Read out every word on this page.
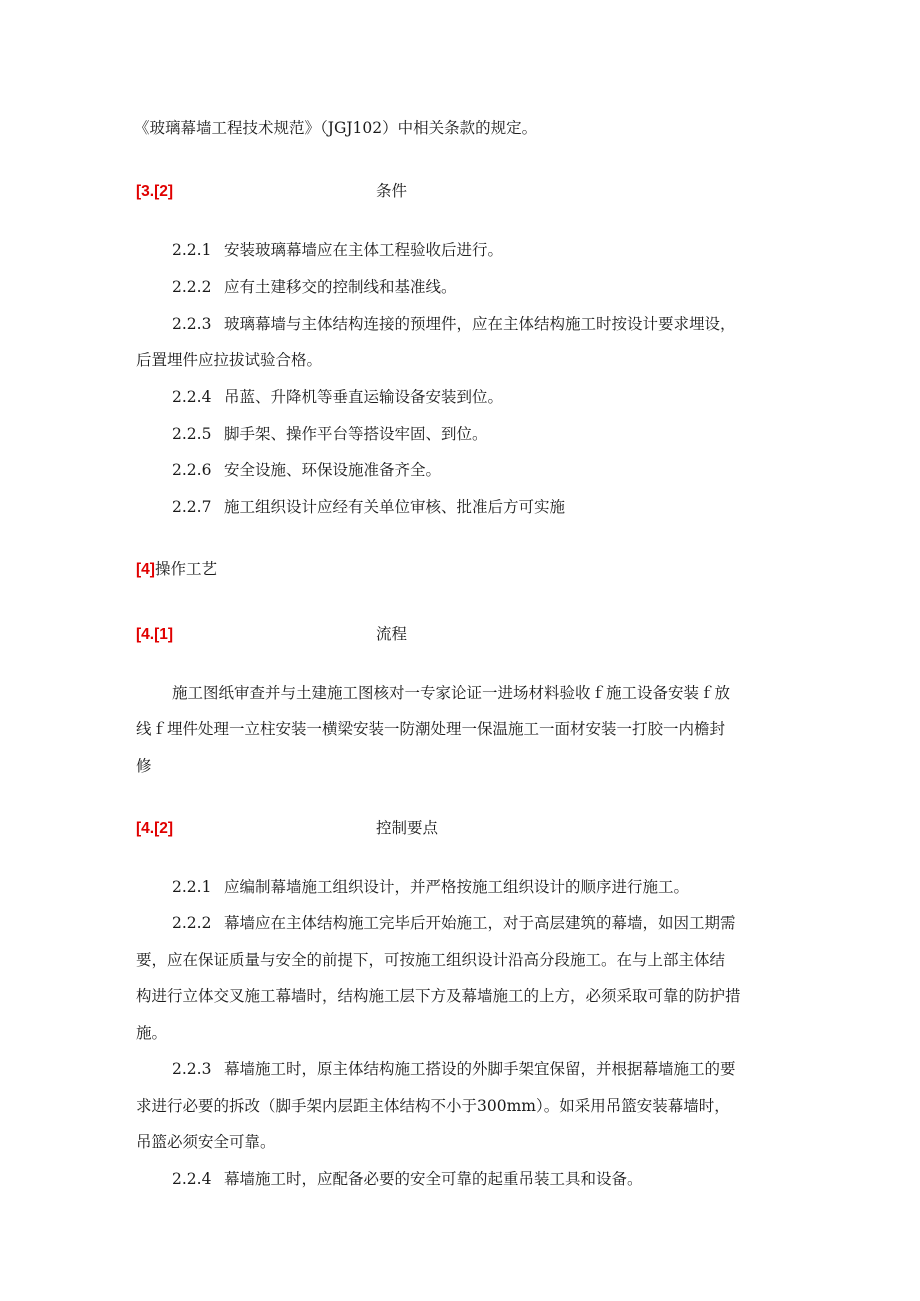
《玻璃幕墙工程技术规范》（JGJ102）中相关条款的规定。
[3.[2]	条件
2.2.1 安装玻璃幕墙应在主体工程验收后进行。
2.2.2 应有土建移交的控制线和基准线。
2.2.3 玻璃幕墙与主体结构连接的预埋件，应在主体结构施工时按设计要求埋设，
后置埋件应拉拔试验合格。
2.2.4 吊蓝、升降机等垂直运输设备安装到位。
2.2.5 脚手架、操作平台等搭设牢固、到位。
2.2.6 安全设施、环保设施准备齐全。
2.2.7 施工组织设计应经有关单位审核、批准后方可实施
[4]操作工艺
[4.[1]	流程
施工图纸审查并与土建施工图核对一专家论证一进场材料验收ｆ施工设备安装ｆ放
线ｆ埋件处理一立柱安装一横梁安装一防潮处理一保温施工一面材安装一打胶一内檐封
修
[4.[2]	控制要点
2.2.1 应编制幕墙施工组织设计，并严格按施工组织设计的顺序进行施工。
2.2.2 幕墙应在主体结构施工完毕后开始施工，对于高层建筑的幕墙，如因工期需
要，应在保证质量与安全的前提下，可按施工组织设计沿高分段施工。在与上部主体结
构进行立体交叉施工幕墙时，结构施工层下方及幕墙施工的上方，必须采取可靠的防护措
施。
2.2.3 幕墙施工时，原主体结构施工搭设的外脚手架宜保留，并根据幕墙施工的要
求进行必要的拆改（脚手架内层距主体结构不小于300mm）。如采用吊篮安装幕墙时，
吊篮必须安全可靠。
2.2.4 幕墙施工时，应配备必要的安全可靠的起重吊装工具和设备。
